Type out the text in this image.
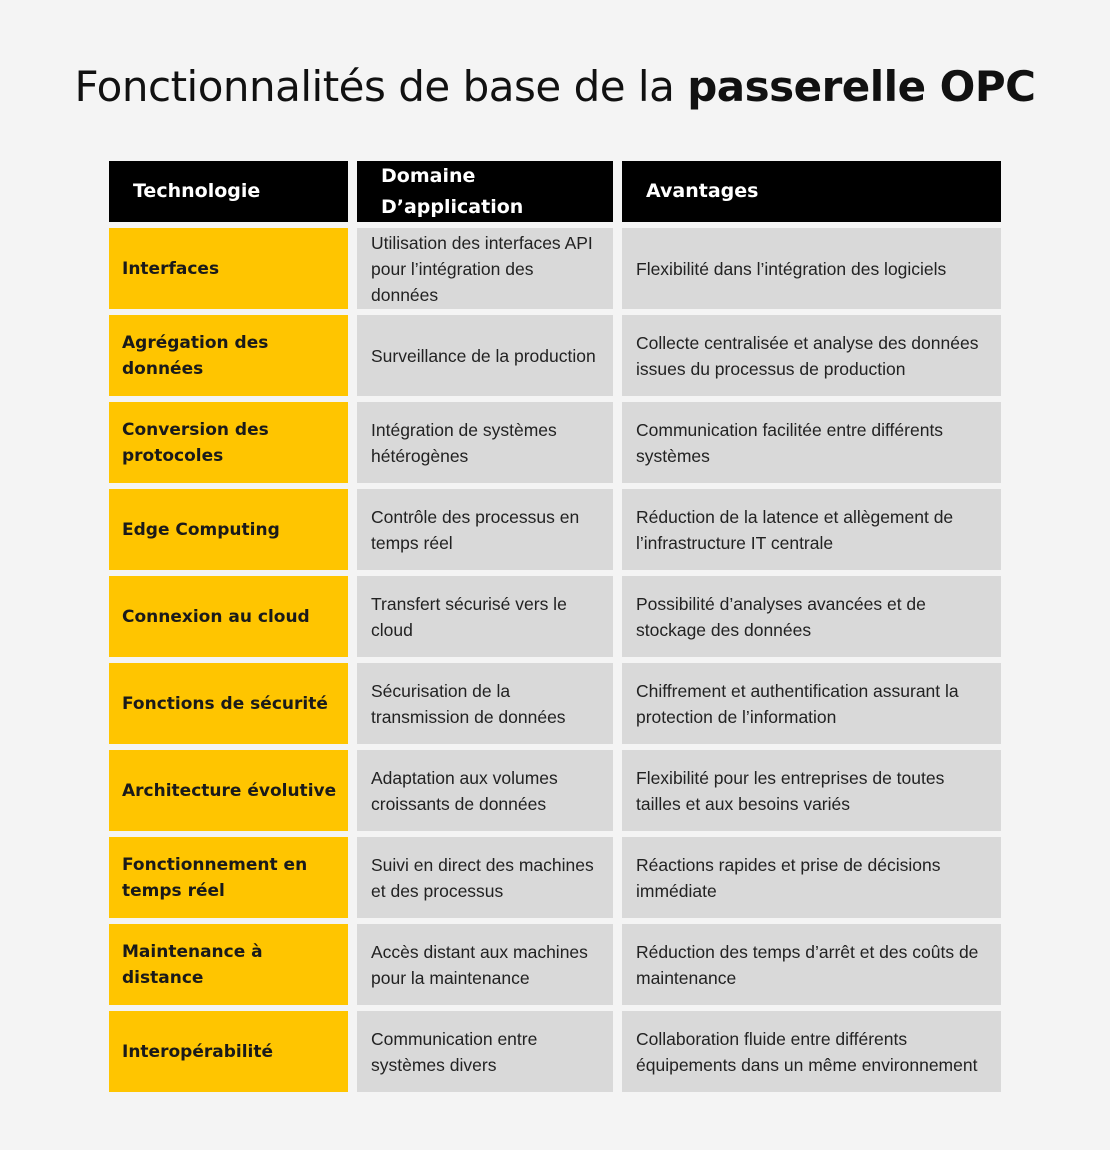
Fonctionnalités de base de la passerelle OPC
Technologie
Domaine D’application
Avantages
Interfaces
Utilisation des interfaces API pour l’intégration des données
Flexibilité dans l’intégration des logiciels
Agrégation des données
Surveillance de la production
Collecte centralisée et analyse des données issues du processus de production
Conversion des protocoles
Intégration de systèmes hétérogènes
Communication facilitée entre différents systèmes
Edge Computing
Contrôle des processus en temps réel
Réduction de la latence et allègement de l’infrastructure IT centrale
Connexion au cloud
Transfert sécurisé vers le cloud
Possibilité d’analyses avancées et de stockage des données
Fonctions de sécurité
Sécurisation de la transmission de données
Chiffrement et authentification assurant la protection de l’information
Architecture évolutive
Adaptation aux volumes croissants de données
Flexibilité pour les entreprises de toutes tailles et aux besoins variés
Fonctionnement en temps réel
Suivi en direct des machines et des processus
Réactions rapides et prise de décisions immédiate
Maintenance à distance
Accès distant aux machines pour la maintenance
Réduction des temps d’arrêt et des coûts de maintenance
Interopérabilité
Communication entre systèmes divers
Collaboration fluide entre différents équipements dans un même environnement
